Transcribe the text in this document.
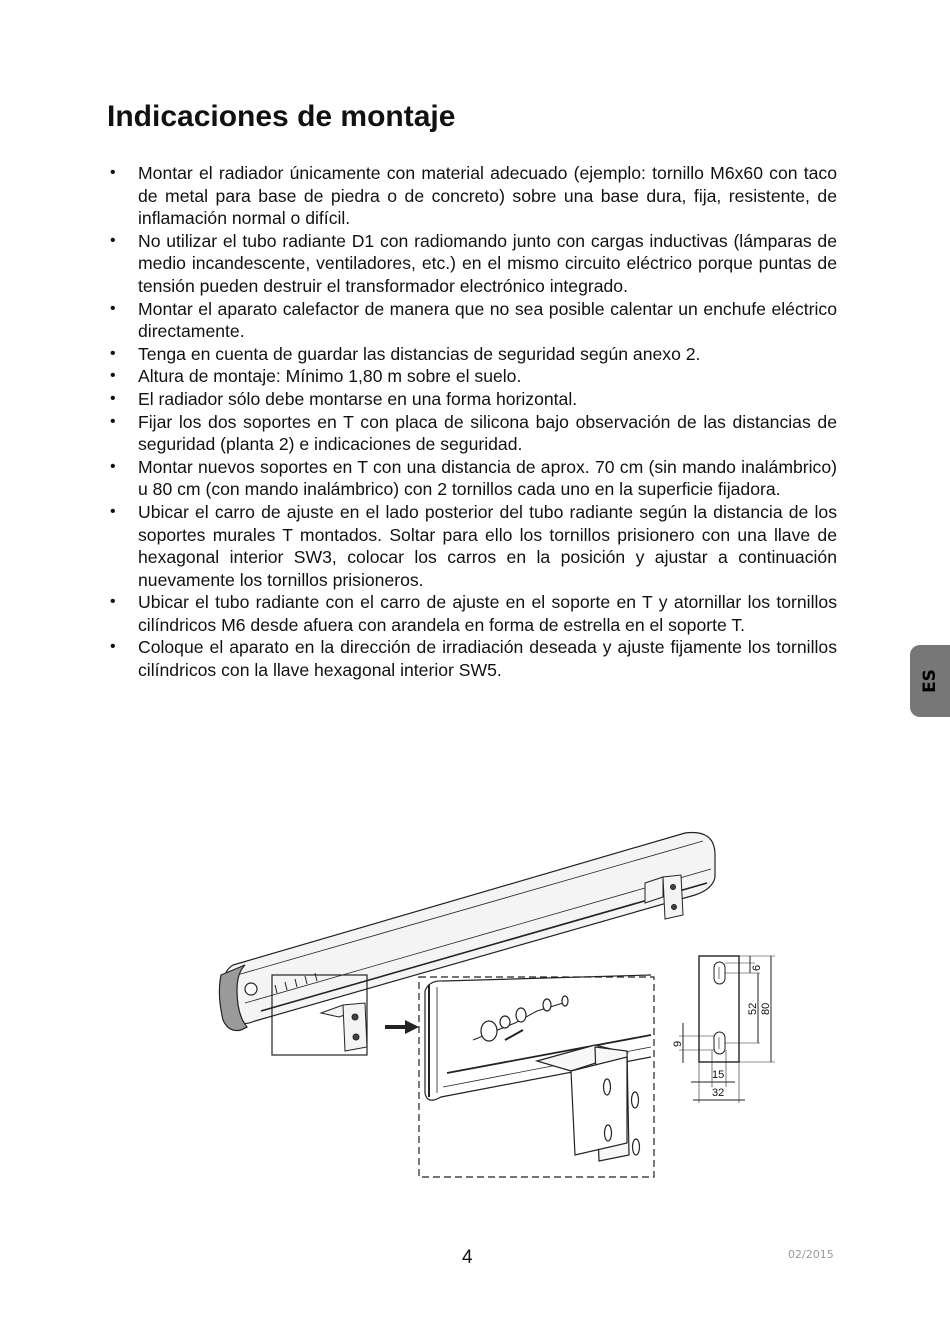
Indicaciones de montaje
• Montar el radiador únicamente con material adecuado (ejemplo: tornillo M6x60 con taco de metal para base de piedra o de concreto) sobre una base dura, fija, resistente, de inflamación normal o difícil.
• No utilizar el tubo radiante D1 con radiomando junto con cargas inductivas (lámparas de medio incandescente, ventiladores, etc.) en el mismo circuito eléctrico porque puntas de tensión pueden destruir el transformador electrónico integrado.
• Montar el aparato calefactor de manera que no sea posible calentar un enchufe eléctrico directamente.
• Tenga en cuenta de guardar las distancias de seguridad según anexo 2.
• Altura de montaje: Mínimo 1,80 m sobre el suelo.
• El radiador sólo debe montarse en una forma horizontal.
• Fijar los dos soportes en T con placa de silicona bajo observación de las distancias de seguridad (planta 2) e indicaciones de seguridad.
• Montar nuevos soportes en T con una distancia de aprox. 70 cm (sin mando inalámbrico) u 80 cm (con mando inalámbrico) con 2 tornillos cada uno en la superficie fijadora.
• Ubicar el carro de ajuste en el lado posterior del tubo radiante según la distancia de los soportes murales T montados. Soltar para ello los tornillos prisionero con una llave de hexagonal interior SW3, colocar los carros en la posición y ajustar a continuación nuevamente los tornillos prisioneros.
• Ubicar el tubo radiante con el carro de ajuste en el soporte en T y atornillar los tornillos cilíndricos M6 desde afuera con arandela en forma de estrella en el soporte T.
• Coloque el aparato en la dirección de irradiación deseada y ajuste fijamente los tornillos cilíndricos con la llave hexagonal interior SW5.	ES
6
52 80
9
15
32
4	02/2015
